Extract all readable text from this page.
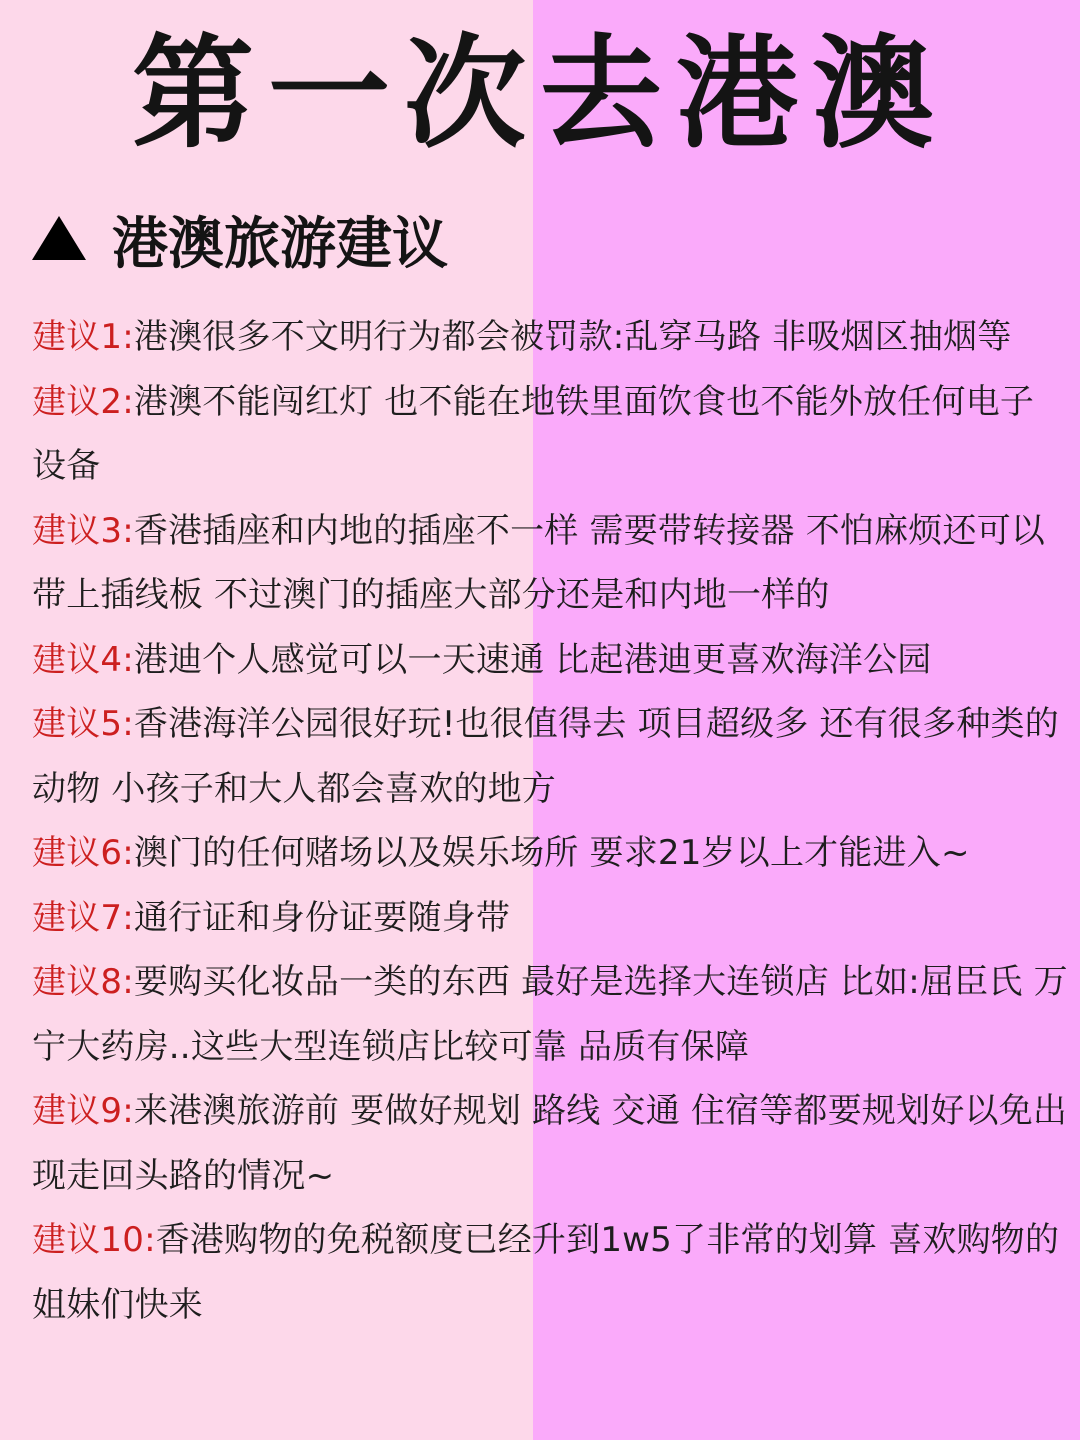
第一次去港澳
港澳旅游建议
建议1:港澳很多不文明行为都会被罚款:乱穿马路 非吸烟区抽烟等
建议2:港澳不能闯红灯 也不能在地铁里面饮食也不能外放任何电子设备
建议3:香港插座和内地的插座不一样 需要带转接器 不怕麻烦还可以带上插线板 不过澳门的插座大部分还是和内地一样的
建议4:港迪个人感觉可以一天速通 比起港迪更喜欢海洋公园
建议5:香港海洋公园很好玩!也很值得去 项目超级多 还有很多种类的动物 小孩子和大人都会喜欢的地方
建议6:澳门的任何赌场以及娱乐场所 要求21岁以上才能进入~
建议7:通行证和身份证要随身带
建议8:要购买化妆品一类的东西 最好是选择大连锁店 比如:屈臣氏 万宁大药房..这些大型连锁店比较可靠 品质有保障
建议9:来港澳旅游前 要做好规划 路线 交通 住宿等都要规划好以免出现走回头路的情况~
建议10:香港购物的免税额度已经升到1w5了非常的划算 喜欢购物的姐妹们快来
